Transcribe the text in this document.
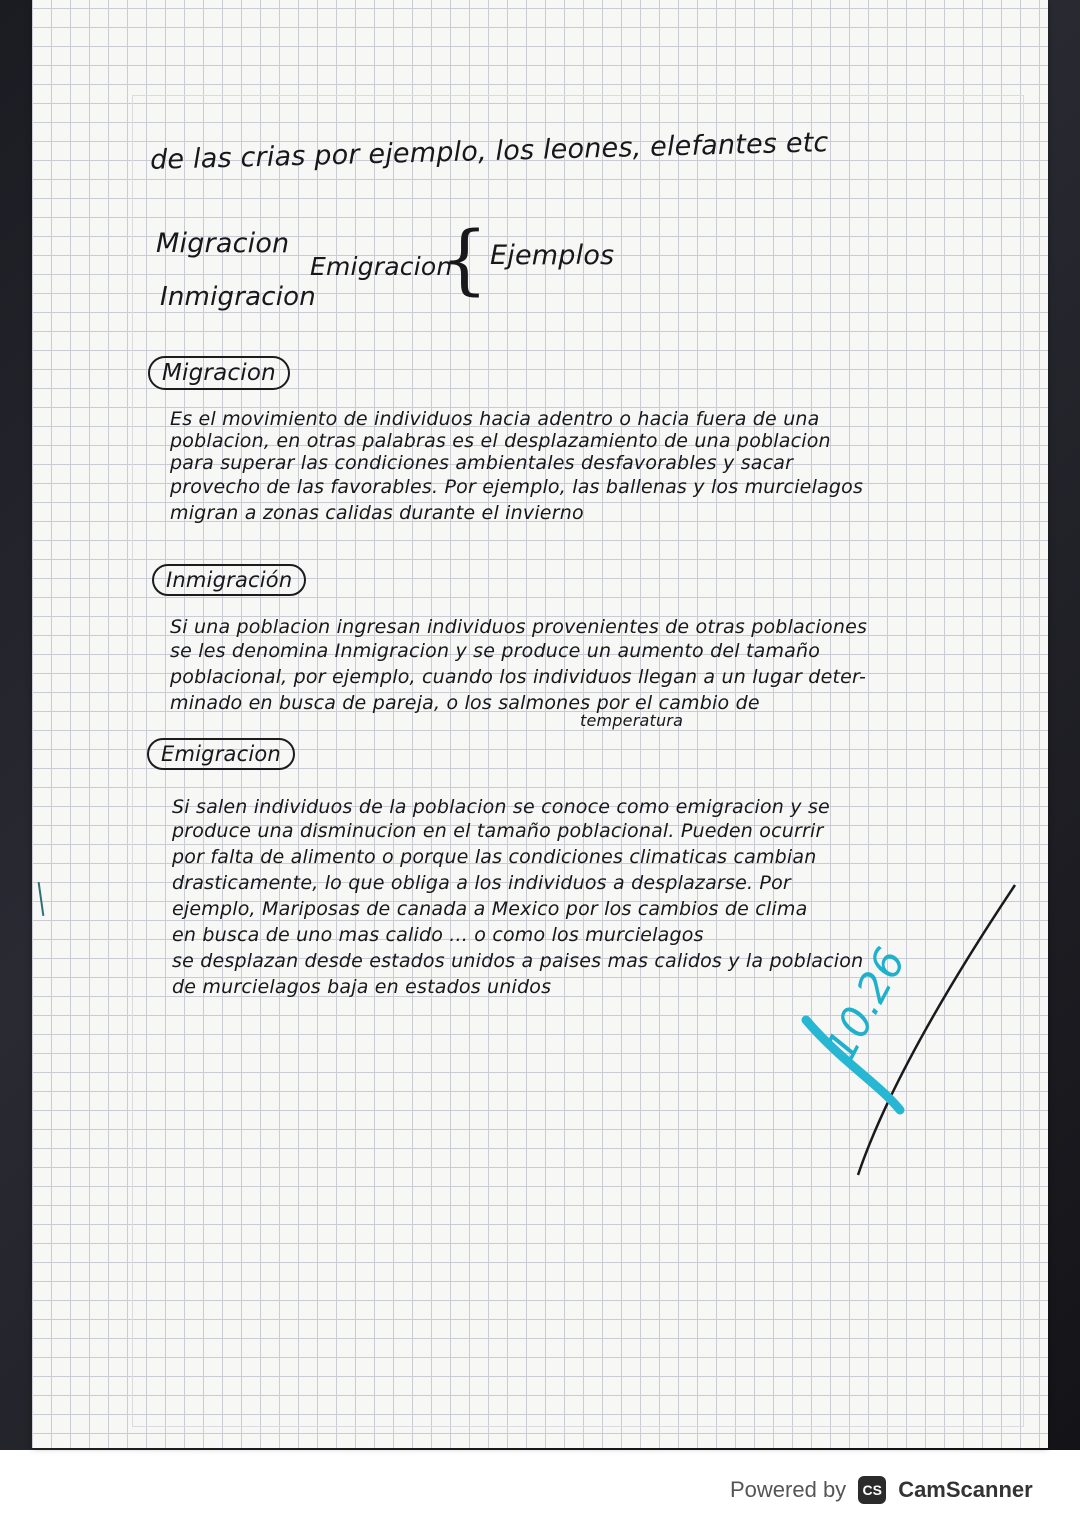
de las crias por ejemplo, los leones, elefantes etc
Migracion
Inmigracion
Emigracion
{ Ejemplos
Migracion
Es el movimiento de individuos hacia adentro o hacia fuera de una
poblacion, en otras palabras es el desplazamiento de una poblacion
para superar las condiciones ambientales desfavorables y sacar
provecho de las favorables. Por ejemplo, las ballenas y los murcielagos
migran a zonas calidas durante el invierno
Inmigración
Si una poblacion ingresan individuos provenientes de otras poblaciones
se les denomina Inmigracion y se produce un aumento del tamaño
poblacional, por ejemplo, cuando los individuos llegan a un lugar deter-
minado en busca de pareja, o los salmones por el cambio de
temperatura
Emigracion
Si salen individuos de la poblacion se conoce como emigracion y se
produce una disminucion en el tamaño poblacional. Pueden ocurrir
por falta de alimento o porque las condiciones climaticas cambian
drasticamente, lo que obliga a los individuos a desplazarse. Por
ejemplo, Mariposas de canada a Mexico por los cambios de clima
en busca de uno mas calido ... o como los murcielagos
se desplazan desde estados unidos a paises mas calidos y la poblacion
de murcielagos baja en estados unidos	10.26
Powered by	CS CamScanner
